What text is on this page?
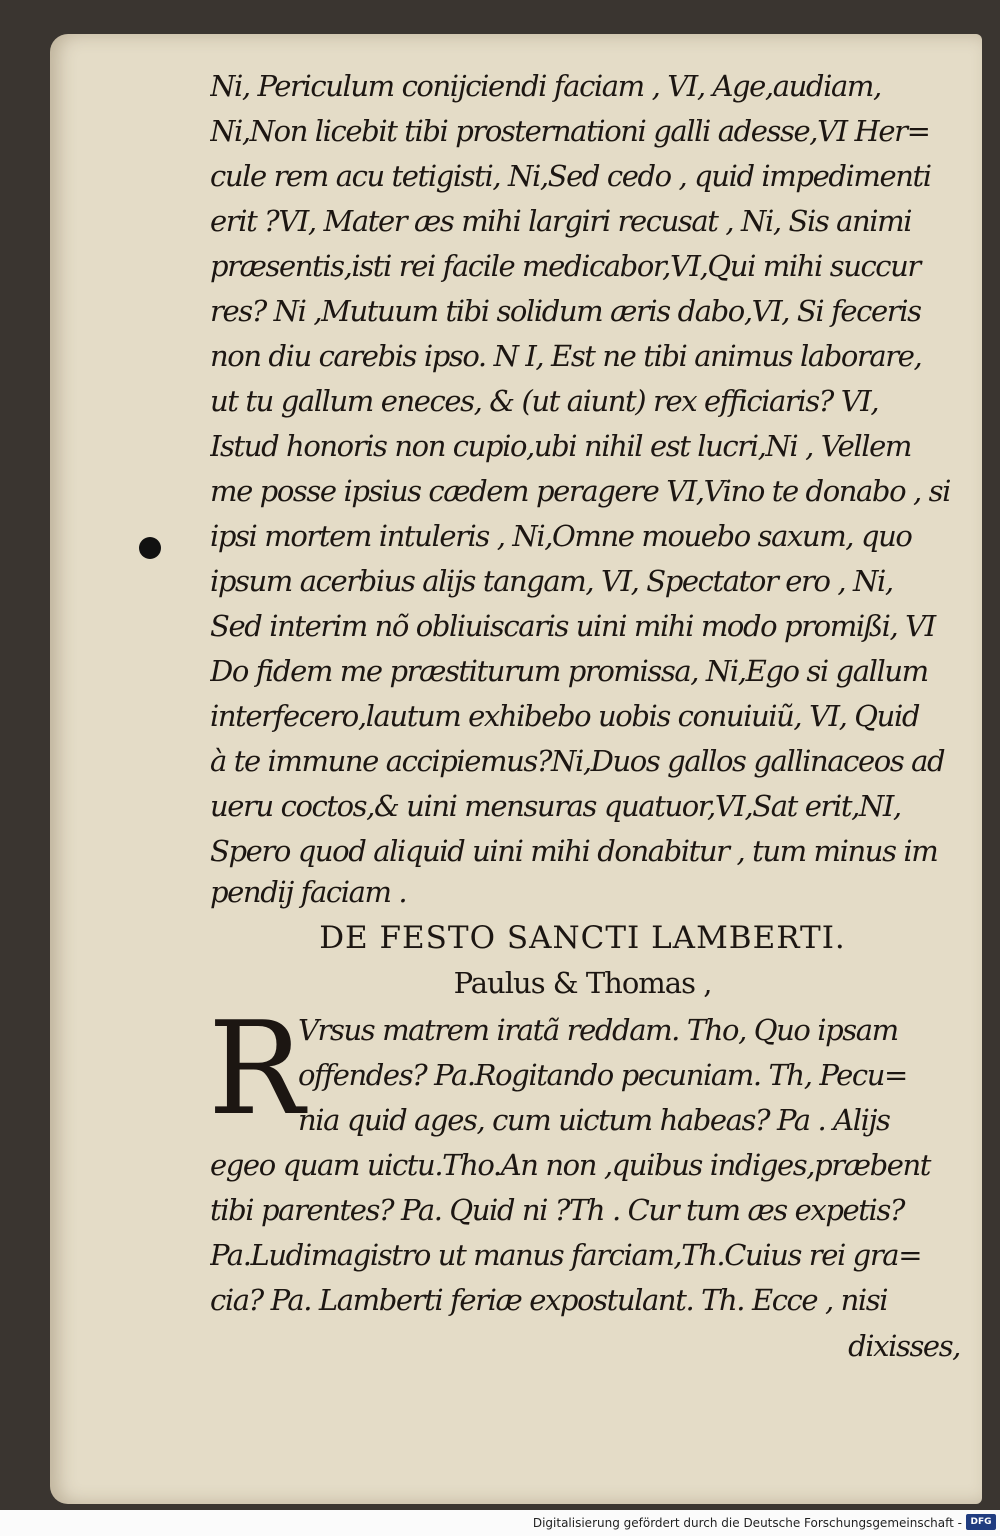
Ni, Periculum conijciendi faciam , VI, Age,audiam,

Ni,Non licebit tibi prosternationi galli adesse,VI Her=

cule rem acu tetigisti, Ni,Sed cedo , quid impedimenti

erit ?VI, Mater æs mihi largiri recusat , Ni, Sis animi

præsentis,isti rei facile medicabor,VI,Qui mihi succur

res? Ni ,Mutuum tibi solidum æris dabo,VI, Si feceris

non diu carebis ipso. N I, Est ne tibi animus laborare,

ut tu gallum eneces, & (ut aiunt) rex efficiaris? VI,

Istud honoris non cupio,ubi nihil est lucri,Ni , Vellem

me posse ipsius cædem peragere VI,Vino te donabo , si

ipsi mortem intuleris , Ni,Omne mouebo saxum, quo

ipsum acerbius alijs tangam, VI, Spectator ero , Ni,

Sed interim nõ obliuiscaris uini mihi modo promißi, VI

Do fidem me præstiturum promissa, Ni,Ego si gallum

interfecero,lautum exhibebo uobis conuiuiũ, VI, Quid

à te immune accipiemus?Ni,Duos gallos gallinaceos ad

ueru coctos,& uini mensuras quatuor,VI,Sat erit,NI,

Spero quod aliquid uini mihi donabitur , tum minus im

pendij faciam .

DE FESTO SANCTI LAMBERTI.

Paulus & Thomas ,

R

Vrsus matrem iratã reddam. Tho, Quo ipsam

offendes? Pa.Rogitando pecuniam. Th, Pecu=

nia quid ages, cum uictum habeas? Pa . Alijs

egeo quam uictu.Tho.An non ,quibus indiges,præbent

tibi parentes? Pa. Quid ni ?Th . Cur tum æs expetis?

Pa.Ludimagistro ut manus farciam,Th.Cuius rei gra=

cia? Pa. Lamberti feriæ expostulant. Th. Ecce , nisi

dixisses,

Digitalisierung gefördert durch die Deutsche Forschungsgemeinschaft - DFG
